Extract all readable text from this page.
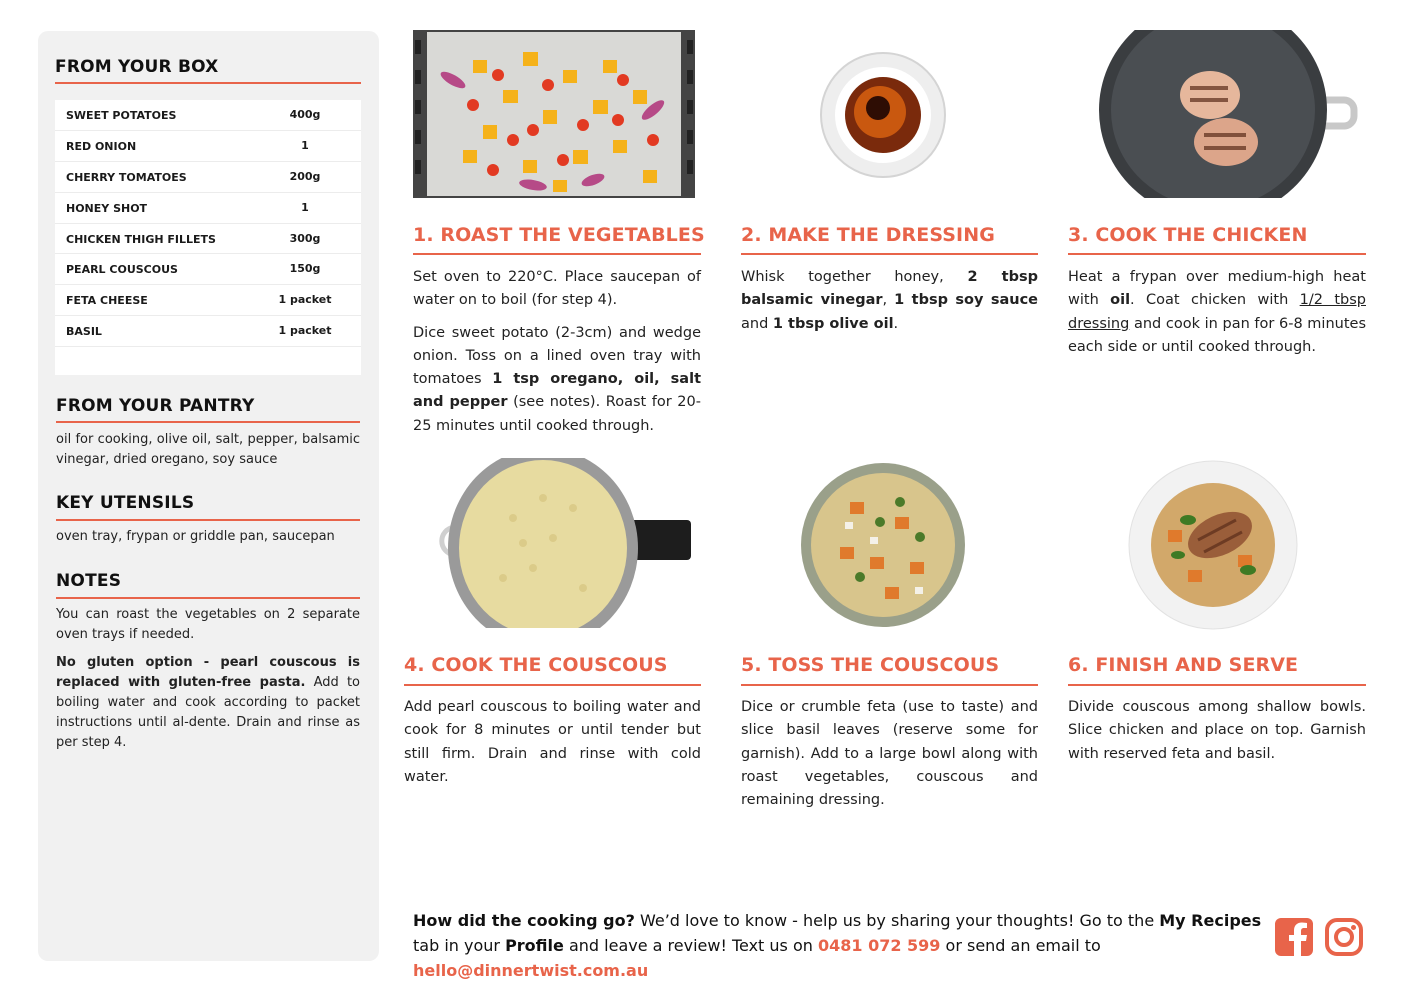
FROM YOUR BOX
SWEET POTATOES	400g
RED ONION	1
CHERRY TOMATOES	200g
HONEY SHOT	1
CHICKEN THIGH FILLETS	300g
PEARL COUSCOUS	150g
FETA CHEESE	1 packet
BASIL	1 packet
FROM YOUR PANTRY
oil for cooking, olive oil, salt, pepper, balsamic vinegar, dried oregano, soy sauce
KEY UTENSILS
oven tray, frypan or griddle pan, saucepan
NOTES
You can roast the vegetables on 2 separate oven trays if needed.
No gluten option - pearl couscous is replaced with gluten-free pasta. Add to boiling water and cook according to packet instructions until al-dente. Drain and rinse as per step 4.
1. ROAST THE VEGETABLES

Set oven to 220°C. Place saucepan of water on to boil (for step 4).

Dice sweet potato (2-3cm) and wedge onion. Toss on a lined oven tray with tomatoes 1 tsp oregano, oil, salt and pepper (see notes). Roast for 20-25 minutes until cooked through.

2. MAKE THE DRESSING

Whisk together honey, 2 tbsp balsamic vinegar, 1 tbsp soy sauce and 1 tbsp olive oil.

3. COOK THE CHICKEN

Heat a frypan over medium-high heat with oil. Coat chicken with 1/2 tbsp dressing and cook in pan for 6-8 minutes each side or until cooked through.

4. COOK THE COUSCOUS
Add pearl couscous to boiling water and cook for 8 minutes or until tender but still firm. Drain and rinse with cold water.
5. TOSS THE COUSCOUS
Dice or crumble feta (use to taste) and slice basil leaves (reserve some for garnish). Add to a large bowl along with roast vegetables, couscous and remaining dressing.
6. FINISH AND SERVE
Divide couscous among shallow bowls. Slice chicken and place on top. Garnish with reserved feta and basil.
How did the cooking go? We’d love to know - help us by sharing your thoughts! Go to the My Recipes tab in your Profile and leave a review! Text us on 0481 072 599 or send an email to hello@dinnertwist.com.au
